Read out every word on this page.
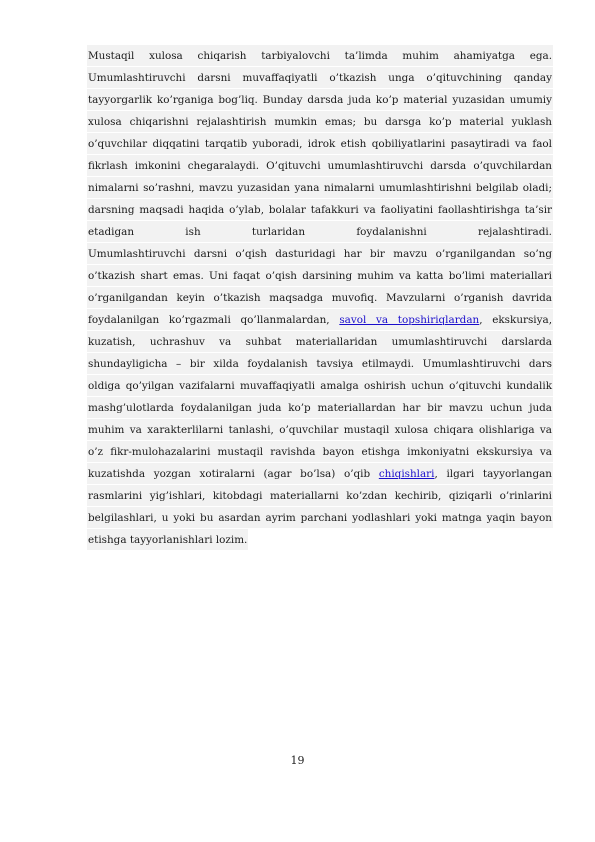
Mustaqil xulosa chiqarish tarbiyalovchi ta’limda muhim ahamiyatga ega.
Umumlashtiruvchi darsni muvaffaqiyatli o’tkazish unga o’qituvchining qanday
tayyorgarlik ko’rganiga bog’liq. Bunday darsda juda ko’p material yuzasidan umumiy
xulosa chiqarishni rejalashtirish mumkin emas; bu darsga ko’p material yuklash
o’quvchilar diqqatini tarqatib yuboradi, idrok etish qobiliyatlarini pasaytiradi va faol
fikrlash imkonini chegaralaydi. O’qituvchi umumlashtiruvchi darsda o’quvchilardan
nimalarni so’rashni, mavzu yuzasidan yana nimalarni umumlashtirishni belgilab oladi;
darsning maqsadi haqida o’ylab, bolalar tafakkuri va faoliyatini faollashtirishga ta’sir
etadigan ish turlaridan foydalanishni rejalashtiradi.
Umumlashtiruvchi darsni o’qish dasturidagi har bir mavzu o’rganilgandan so’ng
o’tkazish shart emas. Uni faqat o’qish darsining muhim va katta bo’limi materiallari
o’rganilgandan keyin o’tkazish maqsadga muvofiq. Mavzularni o’rganish davrida
foydalanilgan ko’rgazmali qo’llanmalardan, savol va topshiriqlardan, ekskursiya,
kuzatish, uchrashuv va suhbat materiallaridan umumlashtiruvchi darslarda
shundayligicha – bir xilda foydalanish tavsiya etilmaydi. Umumlashtiruvchi dars
oldiga qo’yilgan vazifalarni muvaffaqiyatli amalga oshirish uchun o’qituvchi kundalik
mashg’ulotlarda foydalanilgan juda ko’p materiallardan har bir mavzu uchun juda
muhim va xarakterlilarni tanlashi, o’quvchilar mustaqil xulosa chiqara olishlariga va
o’z fikr-mulohazalarini mustaqil ravishda bayon etishga imkoniyatni ekskursiya va
kuzatishda yozgan xotiralarni (agar bo’lsa) o’qib chiqishlari, ilgari tayyorlangan
rasmlarini yig’ishlari, kitobdagi materiallarni ko’zdan kechirib, qiziqarli o’rinlarini
belgilashlari, u yoki bu asardan ayrim parchani yodlashlari yoki matnga yaqin bayon
etishga tayyorlanishlari lozim.
19
